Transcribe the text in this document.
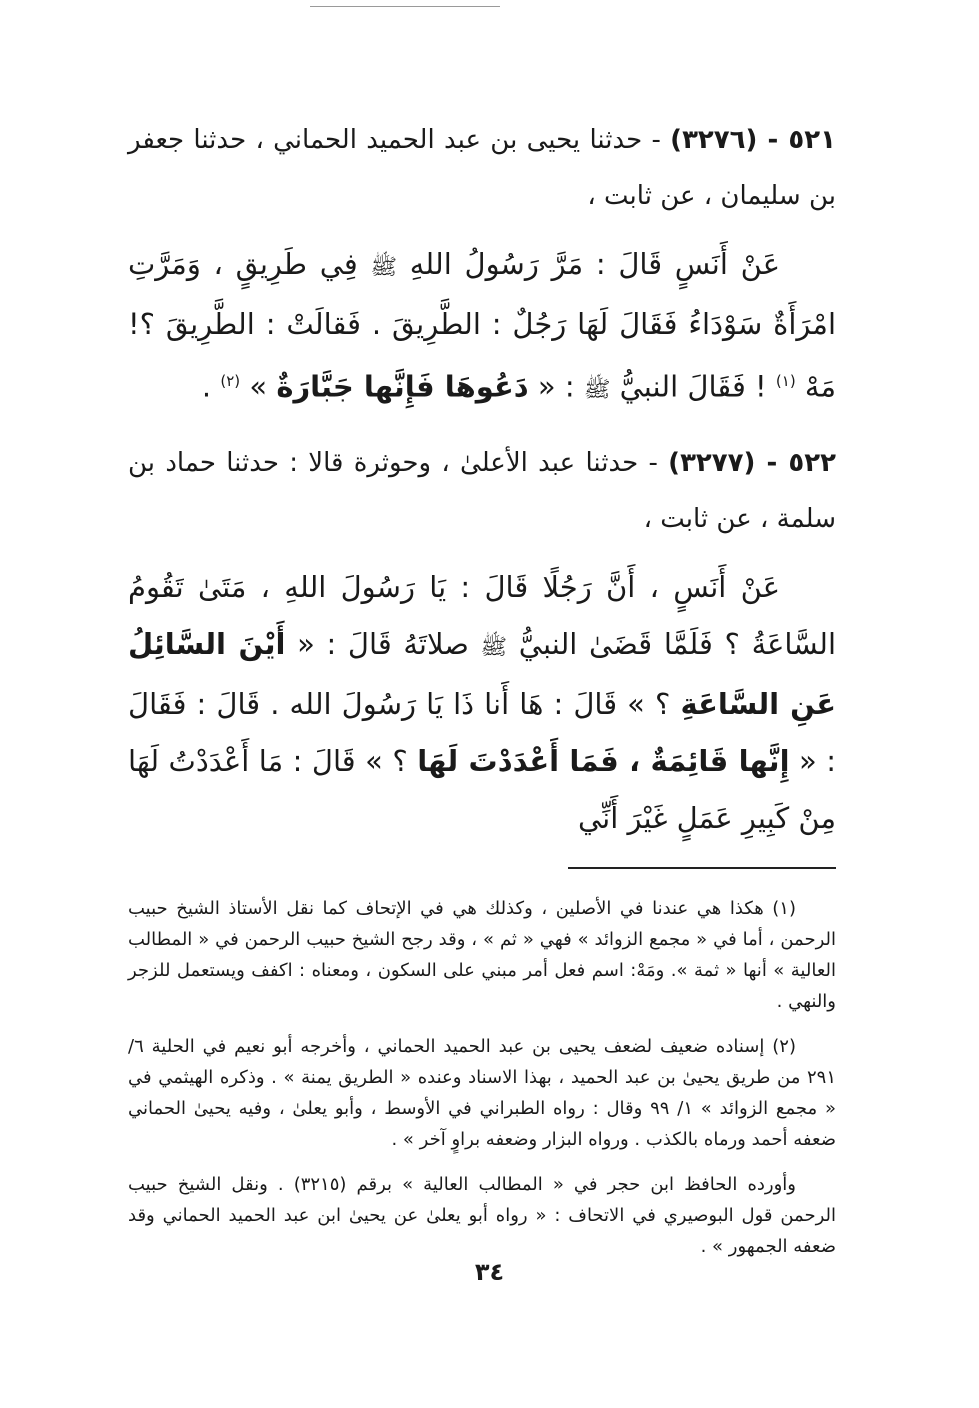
٥٢١ - (٣٢٧٦) - حدثنا يحيى بن عبد الحميد الحماني ، حدثنا جعفر بن سليمان ، عن ثابت ،

عَنْ أَنَسٍ قَالَ : مَرَّ رَسُولُ اللهِ ﷺ فِي طَرِيقٍ ، وَمَرَّتِ امْرَأَةٌ سَوْدَاءُ فَقَالَ لَهَا رَجُلٌ : الطَّرِيقَ . فَقالَتْ : الطَّرِيقَ ؟! مَهْ $^{(١)}$ ! فَقَالَ النبيُّ ﷺ : « دَعُوهَا فَإِنَّها جَبَّارَةٌ » $^{(٢)}$ .

٥٢٢ - (٣٢٧٧) - حدثنا عبد الأعلىٰ ، وحوثرة قالا : حدثنا حماد بن سلمة ، عن ثابت ،

عَنْ أَنَسٍ ، أَنَّ رَجُلًا قَالَ : يَا رَسُولَ اللهِ ، مَتَىٰ تَقُومُ السَّاعَةُ ؟ فَلَمَّا قَضَىٰ النبيُّ ﷺ صلاتَهُ قَالَ : « أَيْنَ السَّائِلُ عَنِ السَّاعَةِ ؟ » قَالَ : هَا أَنا ذَا يَا رَسُولَ الله . قَالَ : فَقَالَ : « إِنَّها قَائِمَةٌ ، فَمَا أَعْدَدْتَ لَهَا ؟ » قَالَ : مَا أَعْدَدْتُ لَهَا مِنْ كَبِيرِ عَمَلٍ غَيْرَ أَنِّي

(١) هكذا هي عندنا في الأصلين ، وكذلك هي في الإتحاف كما نقل الأستاذ الشيخ حبيب الرحمن ، أما في « مجمع الزوائد » فهي « ثم » ، وقد رجح الشيخ حبيب الرحمن في « المطالب العالية » أنها « ثمة ». ومَهْ: اسم فعل أمر مبني على السكون ، ومعناه : اكفف ويستعمل للزجر والنهي .

(٢) إسناده ضعيف لضعف يحيى بن عبد الحميد الحماني ، وأخرجه أبو نعيم في الحلية ٦/ ٢٩١ من طريق يحيىٰ بن عبد الحميد ، بهذا الاسناد وعنده « الطريق يمنة » . وذكره الهيثمي في « مجمع الزوائد » ١/ ٩٩ وقال : رواه الطبراني في الأوسط ، وأبو يعلىٰ ، وفيه يحيىٰ الحماني ضعفه أحمد ورماه بالكذب . ورواه البزار وضعفه براوٍ آخر » .

وأورده الحافظ ابن حجر في « المطالب العالية » برقم (٣٢١٥) . ونقل الشيخ حبيب الرحمن قول البوصيري في الاتحاف : « رواه أبو يعلىٰ عن يحيىٰ ابن عبد الحميد الحماني وقد ضعفه الجمهور » .

٣٤
